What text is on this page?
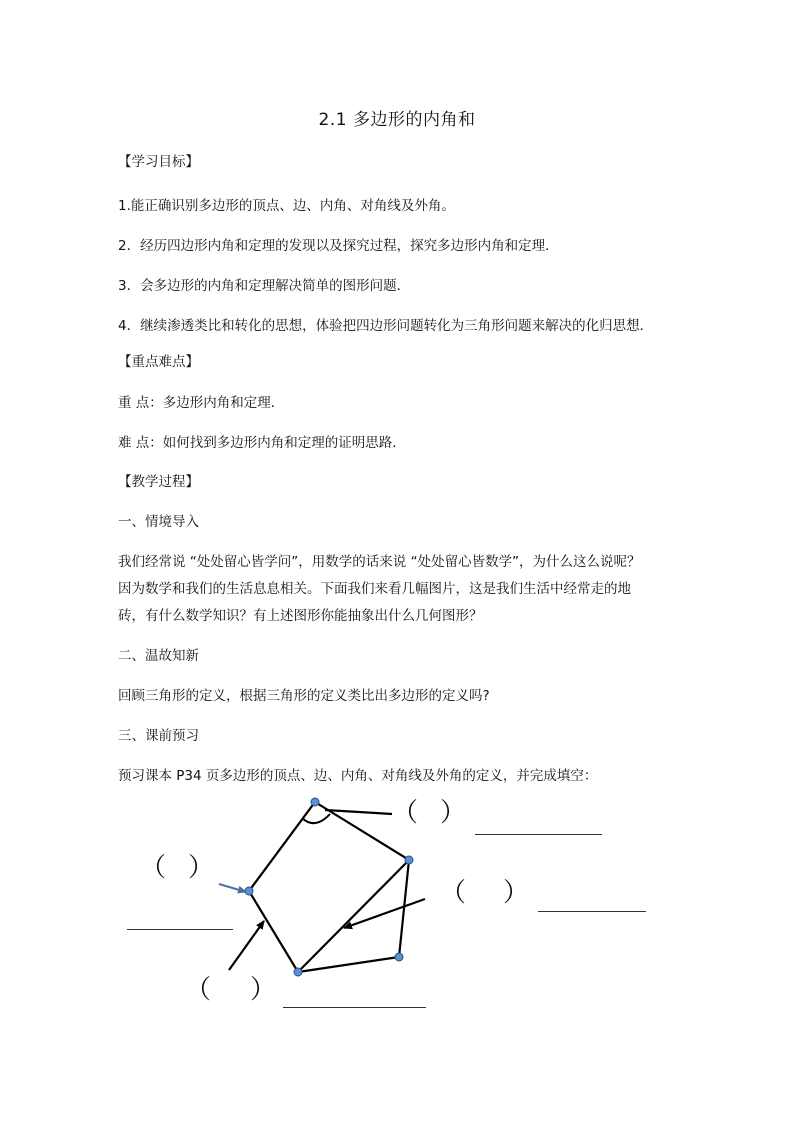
2.1 多边形的内角和
【学习目标】
1.能正确识别多边形的顶点、边、内角、对角线及外角。
2．经历四边形内角和定理的发现以及探究过程，探究多边形内角和定理．
3．会多边形的内角和定理解决简单的图形问题．
4．继续渗透类比和转化的思想，体验把四边形问题转化为三角形问题来解决的化归思想．
【重点难点】
重 点：多边形内角和定理．
难 点：如何找到多边形内角和定理的证明思路．
【教学过程】
一、情境导入
我们经常说 “处处留心皆学问”，用数学的话来说 “处处留心皆数学”，为什么这么说呢？
因为数学和我们的生活息息相关。下面我们来看几幅图片，这是我们生活中经常走的地
砖，有什么数学知识？有上述图形你能抽象出什么几何图形？
二、温故知新
回顾三角形的定义，根据三角形的定义类比出多边形的定义吗?
三、课前预习
预习课本 P34 页多边形的顶点、边、内角、对角线及外角的定义，并完成填空：
（ ）
（ ）
（ ）
（ ）
